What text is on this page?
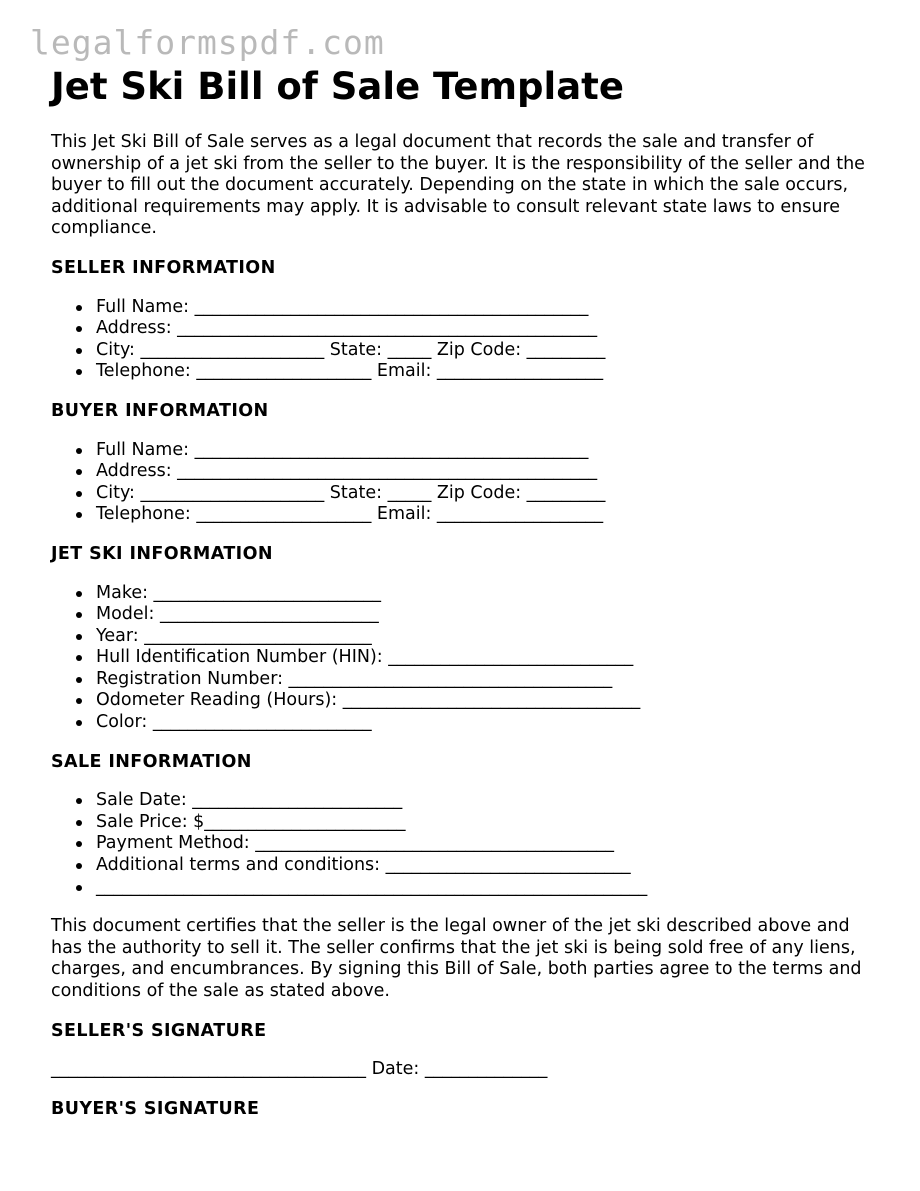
legalformspdf.com
Jet Ski Bill of Sale Template

This Jet Ski Bill of Sale serves as a legal document that records the sale and transfer of ownership of a jet ski from the seller to the buyer. It is the responsibility of the seller and the buyer to fill out the document accurately. Depending on the state in which the sale occurs, additional requirements may apply. It is advisable to consult relevant state laws to ensure compliance.

SELLER INFORMATION
Full Name: _____________________________________________
Address: ________________________________________________
City: _____________________ State: _____ Zip Code: _________
Telephone: ____________________ Email: ___________________
BUYER INFORMATION
Full Name: _____________________________________________
Address: ________________________________________________
City: _____________________ State: _____ Zip Code: _________
Telephone: ____________________ Email: ___________________
JET SKI INFORMATION
Make: __________________________
Model: _________________________
Year: __________________________
Hull Identification Number (HIN): ____________________________
Registration Number: _____________________________________
Odometer Reading (Hours): __________________________________
Color: _________________________
SALE INFORMATION
Sale Date: ________________________
Sale Price: $_______________________
Payment Method: _________________________________________
Additional terms and conditions: ____________________________
_______________________________________________________________

This document certifies that the seller is the legal owner of the jet ski described above and has the authority to sell it. The seller confirms that the jet ski is being sold free of any liens, charges, and encumbrances. By signing this Bill of Sale, both parties agree to the terms and conditions of the sale as stated above.

SELLER'S SIGNATURE

____________________________________ Date: ______________

BUYER'S SIGNATURE
